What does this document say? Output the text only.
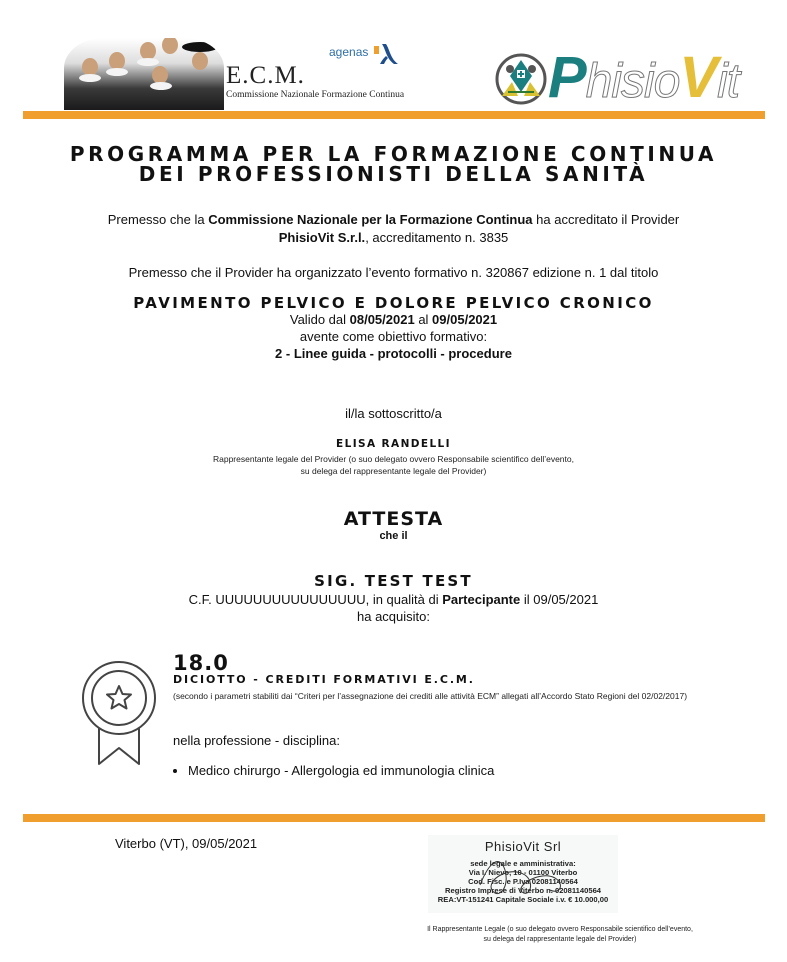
E.C.M.
Commissione Nazionale Formazione Continua
agenas	PhisioVit
PROGRAMMA PER LA FORMAZIONE CONTINUA
DEI PROFESSIONISTI DELLA SANITÀ
Premesso che la Commissione Nazionale per la Formazione Continua ha accreditato il Provider
PhisioVit S.r.l., accreditamento n. 3835
Premesso che il Provider ha organizzato l’evento formativo n. 320867 edizione n. 1 dal titolo
PAVIMENTO PELVICO E DOLORE PELVICO CRONICO
Valido dal 08/05/2021 al 09/05/2021
avente come obiettivo formativo:
2 - Linee guida - protocolli - procedure
il/la sottoscritto/a
ELISA RANDELLI
Rappresentante legale del Provider (o suo delegato ovvero Responsabile scientifico dell’evento,
su delega del rappresentante legale del Provider)
ATTESTA
che il
SIG. TEST TEST
C.F. UUUUUUUUUUUUUUUU, in qualità di Partecipante il 09/05/2021
ha acquisito:
18.0
DICIOTTO - CREDITI FORMATIVI E.C.M.
(secondo i parametri stabiliti dai “Criteri per l’assegnazione dei crediti alle attività ECM” allegati all’Accordo Stato Regioni del 02/02/2017)
nella professione - disciplina:
• Medico chirurgo - Allergologia ed immunologia clinica
Viterbo (VT), 09/05/2021	PhisioVit Srl
sede legale e amministrativa:
Via I. Nievo, 10 - 01100 Viterbo
Cod. Fisc. e P.Iva 02081140564
Registro Imprese di Viterbo n. 02081140564
REA:VT-151241 Capitale Sociale i.v. € 10.000,00
Il Rappresentante Legale (o suo delegato ovvero Responsabile scientifico dell’evento,
su delega del rappresentante legale del Provider)
